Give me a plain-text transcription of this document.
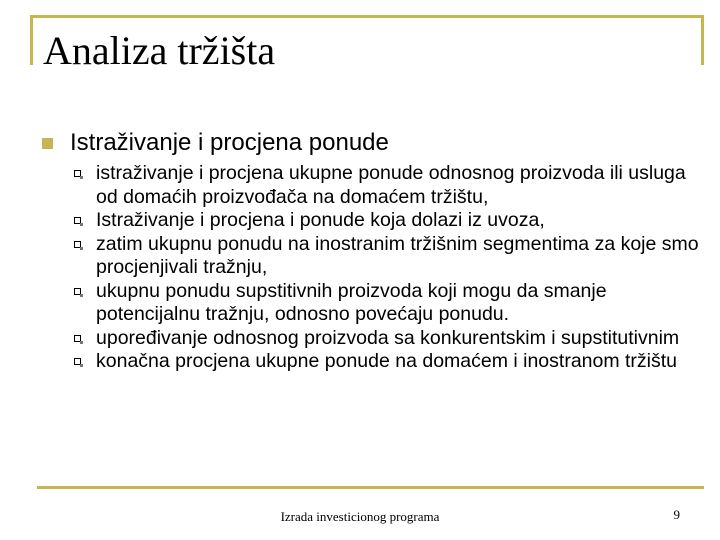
Analiza tržišta

Istraživanje i procjena ponude

istraživanje i procjena ukupne ponude odnosnog proizvoda ili usluga od domaćih proizvođača na domaćem tržištu,
Istraživanje i procjena i ponude koja dolazi iz uvoza,
zatim ukupnu ponudu na inostranim tržišnim segmentima za koje smo procjenjivali tražnju,
ukupnu ponudu supstitivnih proizvoda koji mogu da smanje potencijalnu tražnju, odnosno povećaju ponudu.
upoređivanje odnosnog proizvoda sa konkurentskim i supstitutivnim
konačna procjena ukupne ponude na domaćem i inostranom tržištu
Izrada investicionog programa	9
